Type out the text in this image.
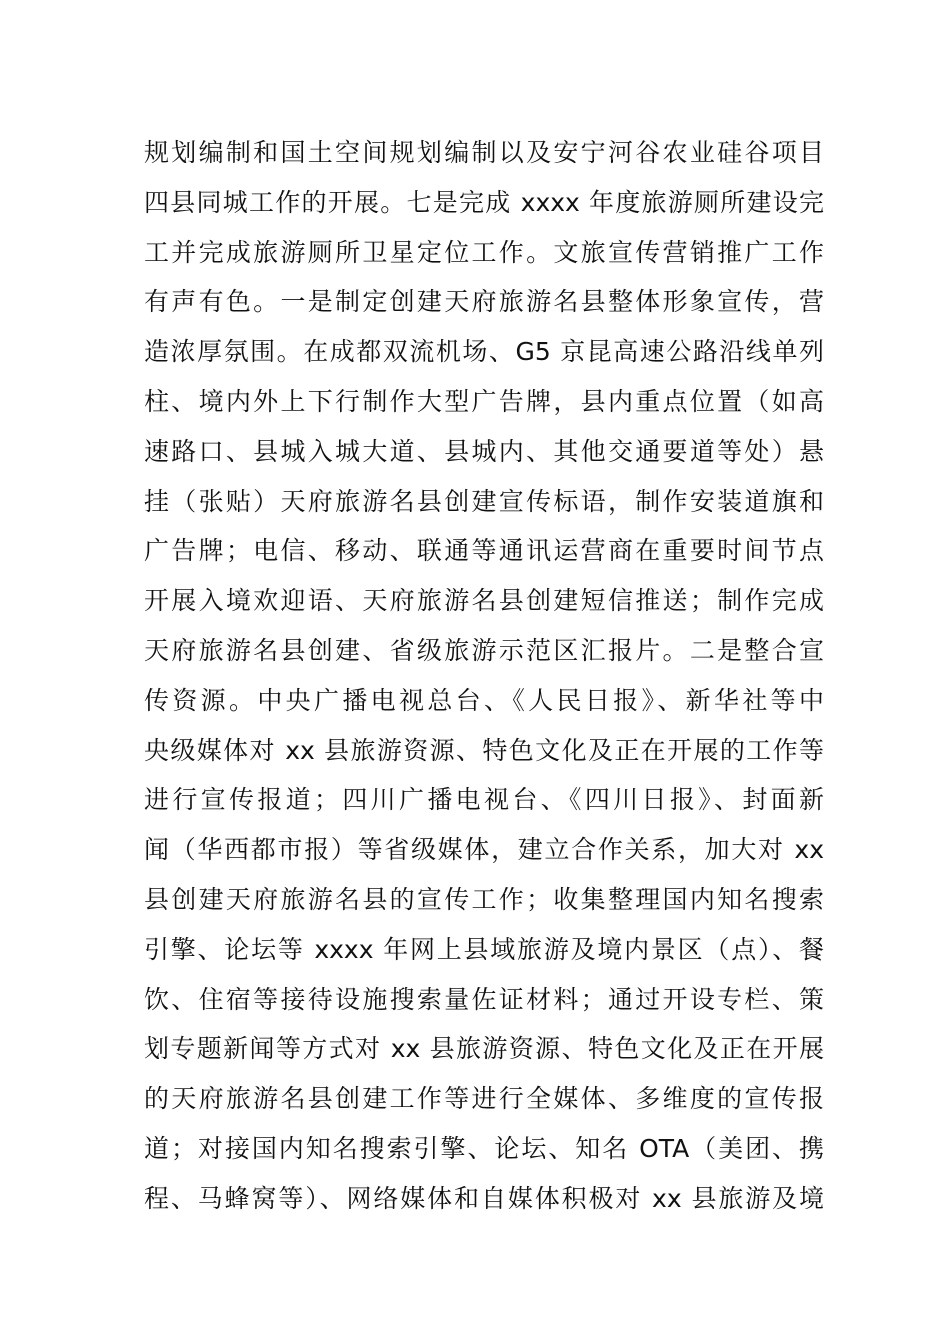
规划编制和国土空间规划编制以及安宁河谷农业硅谷项目
四县同城工作的开展。七是完成 xxxx 年度旅游厕所建设完
工并完成旅游厕所卫星定位工作。文旅宣传营销推广工作
有声有色。一是制定创建天府旅游名县整体形象宣传，营
造浓厚氛围。在成都双流机场、G5 京昆高速公路沿线单列
柱、境内外上下行制作大型广告牌，县内重点位置（如高
速路口、县城入城大道、县城内、其他交通要道等处）悬
挂（张贴）天府旅游名县创建宣传标语，制作安装道旗和
广告牌；电信、移动、联通等通讯运营商在重要时间节点
开展入境欢迎语、天府旅游名县创建短信推送；制作完成
天府旅游名县创建、省级旅游示范区汇报片。二是整合宣
传资源。中央广播电视总台、《人民日报》、新华社等中
央级媒体对 xx 县旅游资源、特色文化及正在开展的工作等
进行宣传报道；四川广播电视台、《四川日报》、封面新
闻（华西都市报）等省级媒体，建立合作关系，加大对 xx
县创建天府旅游名县的宣传工作；收集整理国内知名搜索
引擎、论坛等 xxxx 年网上县域旅游及境内景区（点）、餐
饮、住宿等接待设施搜索量佐证材料；通过开设专栏、策
划专题新闻等方式对 xx 县旅游资源、特色文化及正在开展
的天府旅游名县创建工作等进行全媒体、多维度的宣传报
道；对接国内知名搜索引擎、论坛、知名 OTA（美团、携
程、马蜂窝等）、网络媒体和自媒体积极对 xx 县旅游及境
